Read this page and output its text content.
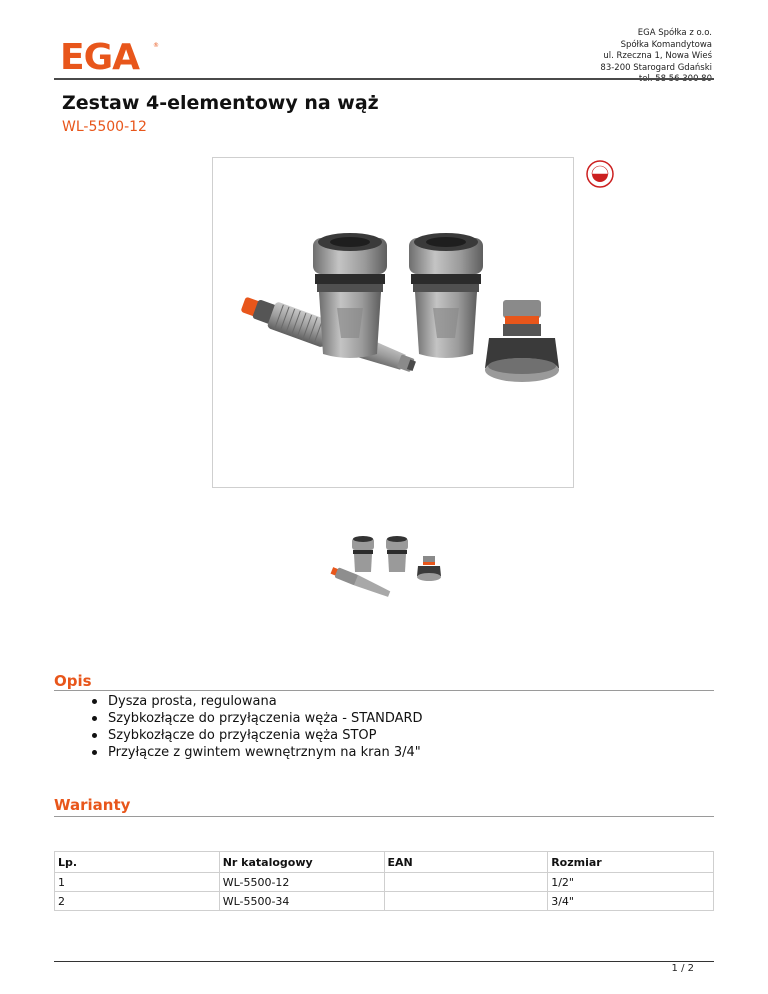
EGA ®
EGA Spółka z o.o.
Spółka Komandytowa
ul. Rzeczna 1, Nowa Wieś
83-200 Starogard Gdański
tel. 58 56 300 80
Zestaw 4-elementowy na wąż
WL-5500-12
Opis
Dysza prosta, regulowana
Szybkozłącze do przyłączenia węża - STANDARD
Szybkozłącze do przyłączenia węża STOP
Przyłącze z gwintem wewnętrznym na kran 3/4"
Warianty
Lp.	Nr katalogowy	EAN	Rozmiar
1	WL-5500-12		1/2"
2	WL-5500-34		3/4"
1 / 2
